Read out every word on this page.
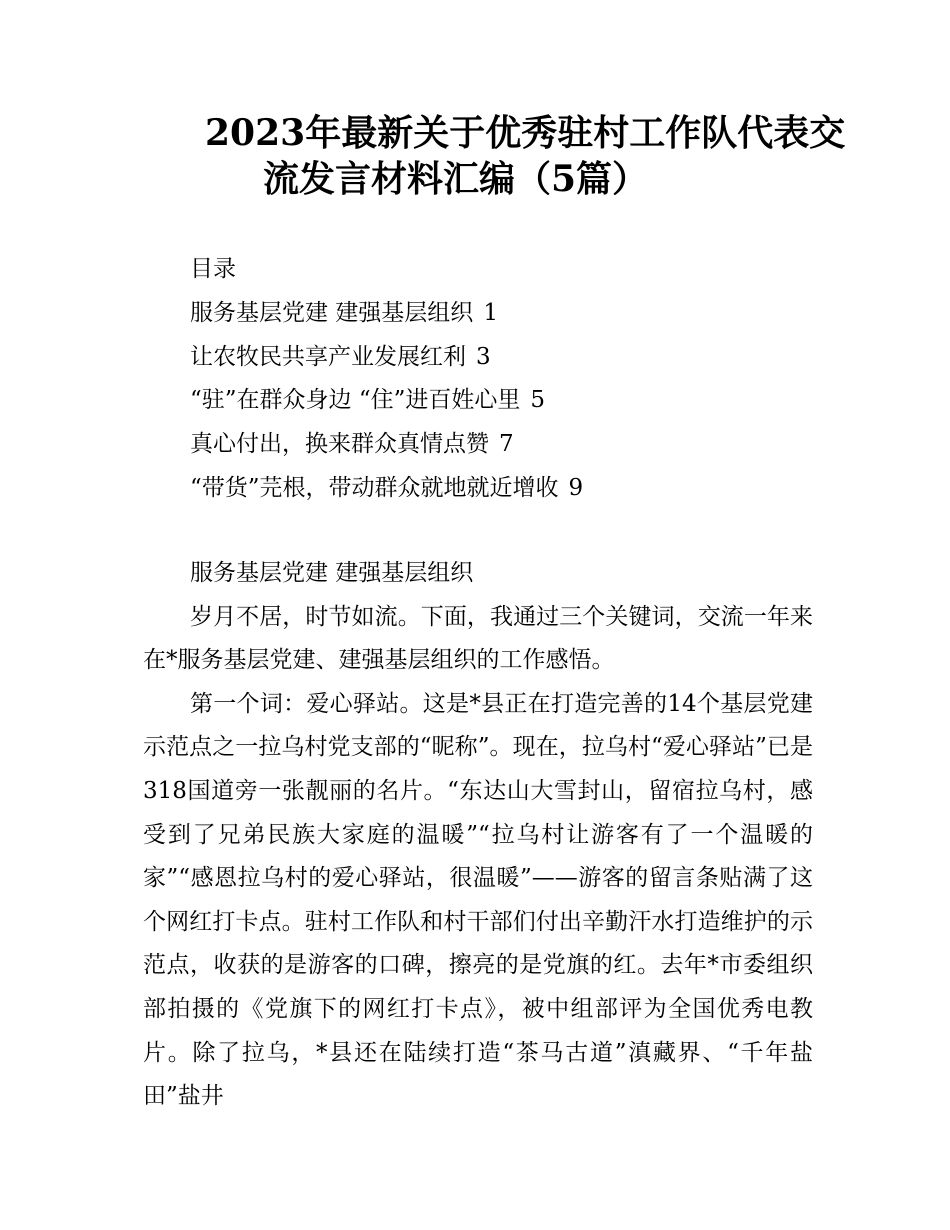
2023年最新关于优秀驻村工作队代表交
流发言材料汇编（5篇）
目录
服务基层党建 建强基层组织 1
让农牧民共享产业发展红利 3
“驻”在群众身边 “住”进百姓心里 5
真心付出，换来群众真情点赞 7
“带货”芫根，带动群众就地就近增收 9
服务基层党建 建强基层组织

岁月不居，时节如流。下面，我通过三个关键词，交流一年来在*服务基层党建、建强基层组织的工作感悟。

第一个词：爱心驿站。这是*县正在打造完善的14个基层党建示范点之一拉乌村党支部的“昵称”。现在，拉乌村“爱心驿站”已是318国道旁一张靓丽的名片。“东达山大雪封山，留宿拉乌村，感受到了兄弟民族大家庭的温暖”“拉乌村让游客有了一个温暖的家”“感恩拉乌村的爱心驿站，很温暖”——游客的留言条贴满了这个网红打卡点。驻村工作队和村干部们付出辛勤汗水打造维护的示范点，收获的是游客的口碑，擦亮的是党旗的红。去年*市委组织部拍摄的《党旗下的网红打卡点》，被中组部评为全国优秀电教片。除了拉乌，*县还在陆续打造“茶马古道”滇藏界、“千年盐田”盐井
